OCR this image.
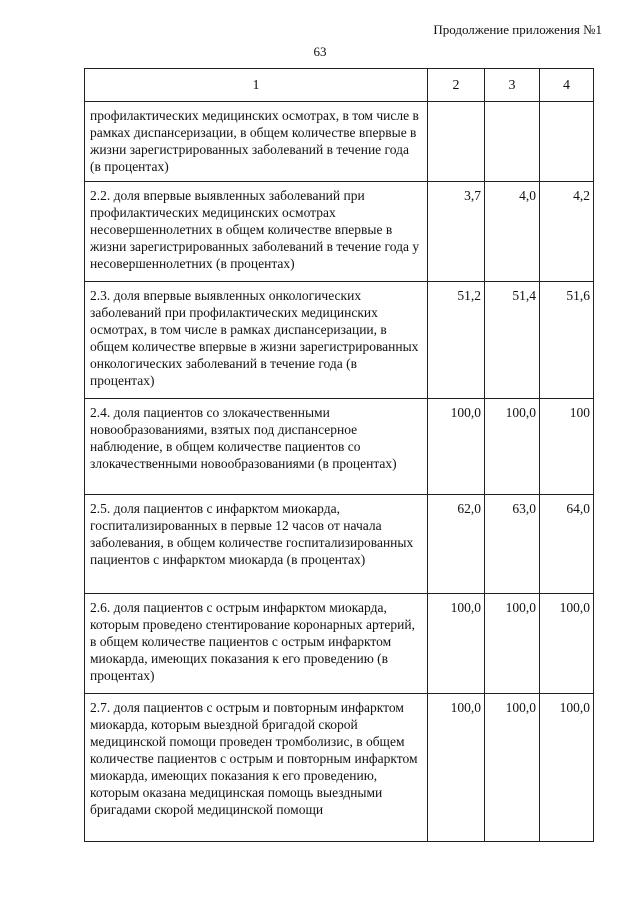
Продолжение приложения №1
63
1	2	3	4
профилактических медицинских осмотрах, в том числе в рамках диспансеризации, в общем количестве впервые в жизни зарегистрированных заболеваний в течение года (в процентах)			
2.2. доля впервые выявленных заболеваний при профилактических медицинских осмотрах несовершеннолетних в общем количестве впервые в жизни зарегистрированных заболеваний в течение года у несовершеннолетних (в процентах)	3,7	4,0	4,2
2.3. доля впервые выявленных онкологических заболеваний при профилактических медицинских осмотрах, в том числе в рамках диспансеризации, в общем количестве впервые в жизни зарегистрированных онкологических заболеваний в течение года (в процентах)	51,2	51,4	51,6
2.4. доля пациентов со злокачественными новообразованиями, взятых под диспансерное наблюдение, в общем количестве пациентов со злокачественными новообразованиями (в процентах)	100,0	100,0	100
2.5. доля пациентов с инфарктом миокарда, госпитализированных в первые 12 часов от начала заболевания, в общем количестве госпитализированных пациентов с инфарктом миокарда (в процентах)	62,0	63,0	64,0
2.6. доля пациентов с острым инфарктом миокарда, которым проведено стентирование коронарных артерий, в общем количестве пациентов с острым инфарктом миокарда, имеющих показания к его проведению (в процентах)	100,0	100,0	100,0
2.7. доля пациентов с острым и повторным инфарктом миокарда, которым выездной бригадой скорой медицинской помощи проведен тромболизис, в общем количестве пациентов с острым и повторным инфарктом миокарда, имеющих показания к его проведению, которым оказана медицинская помощь выездными бригадами скорой медицинской помощи	100,0	100,0	100,0
